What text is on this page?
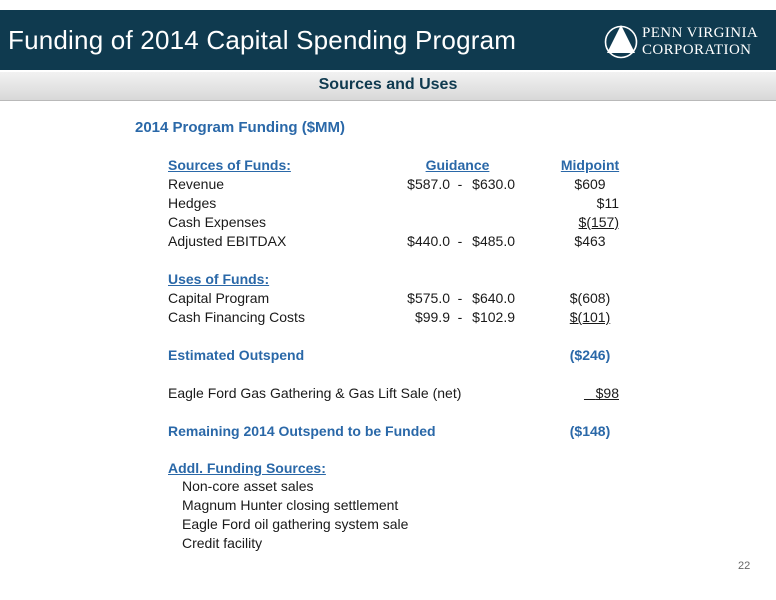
Funding of 2014 Capital Spending Program	PENN VIRGINIA
CORPORATION
Sources and Uses
2014 Program Funding ($MM)
Sources of Funds:	Guidance	Midpoint
Revenue	$587.0 - $630.0	$609
Hedges	$11
Cash Expenses	$(157)
Adjusted EBITDAX	$440.0 - $485.0	$463
Uses of Funds:
Capital Program	$575.0 - $640.0	$(608)
Cash Financing Costs	$99.9 - $102.9	$(101)
Estimated Outspend	($246)
Eagle Ford Gas Gathering & Gas Lift Sale (net)	$98
Remaining 2014 Outspend to be Funded	($148)
Addl. Funding Sources:
Non-core asset sales
Magnum Hunter closing settlement
Eagle Ford oil gathering system sale
Credit facility
22
